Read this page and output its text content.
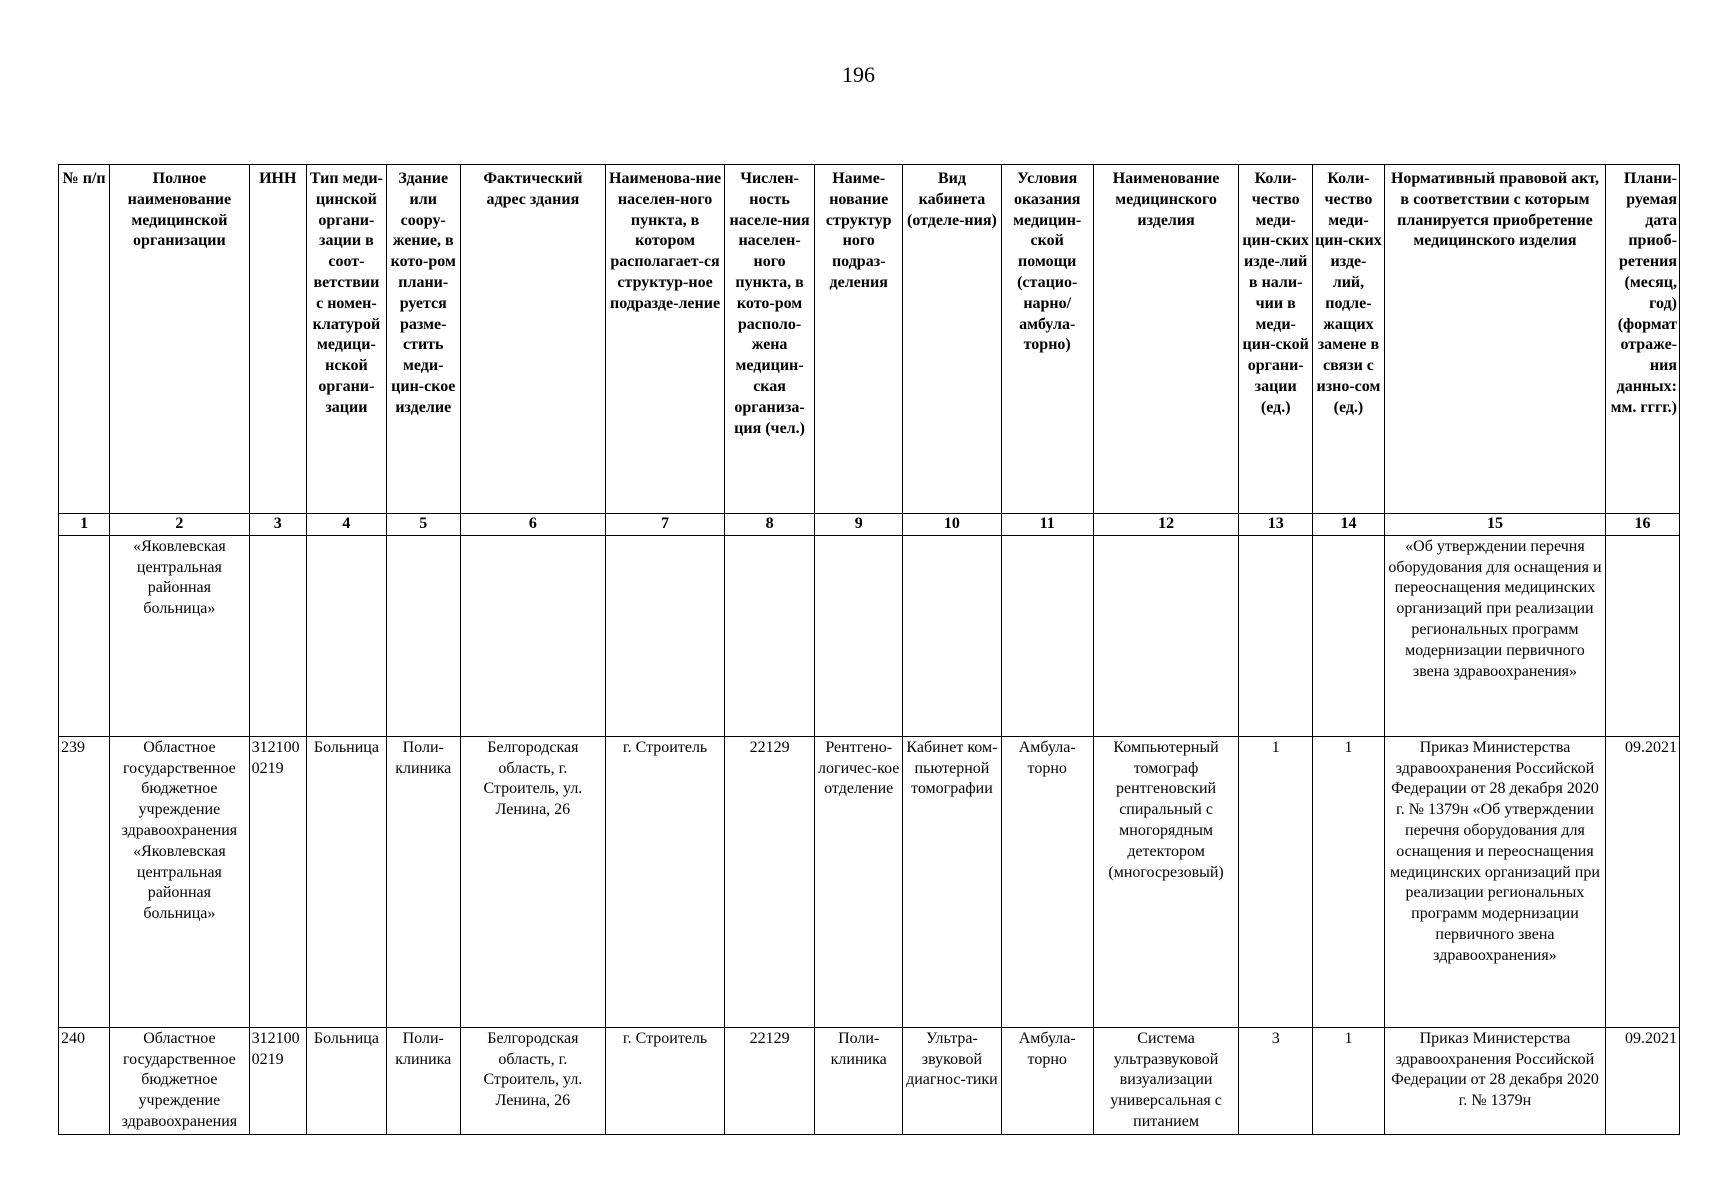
196
№ п/п	Полное наименование медицинской организации	ИНН	Тип меди-цинской органи-зации в соот-ветствии с номен-клатурой медици-нской органи-зации	Здание или соору-жение, в кото-ром плани-руется разме-стить меди-цин-ское изделие	Фактический адрес здания	Наименова-ние населен-ного пункта, в котором располагает-ся структур-ное подразде-ление	Числен-ность населе-ния населен-ного пункта, в кото-ром располо-жена медицин-ская организа-ция (чел.)	Наиме-нование структур ного подраз-деления	Вид кабинета (отделе-ния)	Условия оказания медицин-ской помощи (стацио-нарно/ амбула-торно)	Наименование медицинского изделия	Коли-чество меди-цин-ских изде-лий в нали-чии в меди-цин-ской органи-зации (ед.)	Коли-чество меди-цин-ских изде-лий, подле-жащих замене в связи с изно-сом (ед.)	Нормативный правовой акт, в соответствии с которым планируется приобретение медицинского изделия	Плани-руемая дата приоб-ретения (месяц, год) (формат отраже-ния данных: мм. гггг.)
1	2	3	4	5	6	7	8	9	10	11	12	13	14	15	16
	«Яковлевская центральная районная больница»													«Об утверждении перечня оборудования для оснащения и переоснащения медицинских организаций при реализации региональных программ модернизации первичного звена здравоохранения»	
239	Областное государственное бюджетное учреждение здравоохранения «Яковлевская центральная районная больница»	3121000219	Больница	Поли-клиника	Белгородская область, г. Строитель, ул. Ленина, 26	г. Строитель	22129	Рентгено-логичес-кое отделение	Кабинет ком-пьютерной томографии	Амбула-торно	Компьютерный томограф рентгеновский спиральный с многорядным детектором (многосрезовый)	1	1	Приказ Министерства здравоохранения Российской Федерации от 28 декабря 2020 г. № 1379н «Об утверждении перечня оборудования для оснащения и переоснащения медицинских организаций при реализации региональных программ модернизации первичного звена здравоохранения»	09.2021
240	Областное государственное бюджетное учреждение здравоохранения	3121000219	Больница	Поли-клиника	Белгородская область, г. Строитель, ул. Ленина, 26	г. Строитель	22129	Поли-клиника	Ультра-звуковой диагнос-тики	Амбула-торно	Система ультразвуковой визуализации универсальная с питанием	3	1	Приказ Министерства здравоохранения Российской Федерации от 28 декабря 2020 г. № 1379н	09.2021
